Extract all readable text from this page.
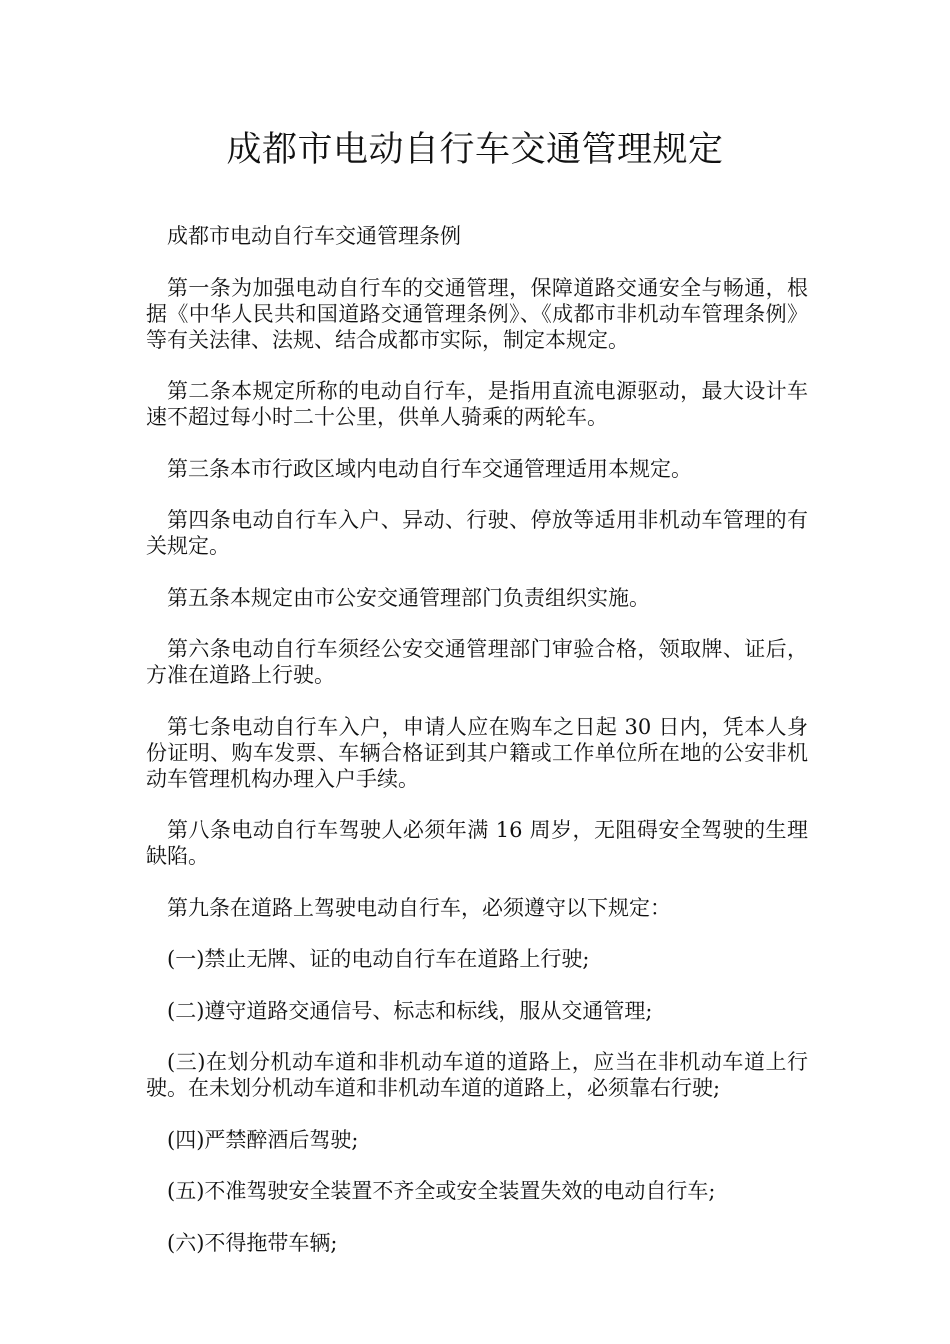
成都市电动自行车交通管理规定

成都市电动自行车交通管理条例

第一条为加强电动自行车的交通管理，保障道路交通安全与畅通，根据《中华人民共和国道路交通管理条例》、《成都市非机动车管理条例》等有关法律、法规、结合成都市实际，制定本规定。

第二条本规定所称的电动自行车，是指用直流电源驱动，最大设计车速不超过每小时二十公里，供单人骑乘的两轮车。

第三条本市行政区域内电动自行车交通管理适用本规定。

第四条电动自行车入户、异动、行驶、停放等适用非机动车管理的有关规定。

第五条本规定由市公安交通管理部门负责组织实施。

第六条电动自行车须经公安交通管理部门审验合格，领取牌、证后，方准在道路上行驶。

第七条电动自行车入户，申请人应在购车之日起 30 日内，凭本人身份证明、购车发票、车辆合格证到其户籍或工作单位所在地的公安非机动车管理机构办理入户手续。

第八条电动自行车驾驶人必须年满 16 周岁，无阻碍安全驾驶的生理缺陷。

第九条在道路上驾驶电动自行车，必须遵守以下规定：

(一)禁止无牌、证的电动自行车在道路上行驶;

(二)遵守道路交通信号、标志和标线，服从交通管理;

(三)在划分机动车道和非机动车道的道路上，应当在非机动车道上行驶。在未划分机动车道和非机动车道的道路上，必须靠右行驶;

(四)严禁醉酒后驾驶;

(五)不准驾驶安全装置不齐全或安全装置失效的电动自行车;

(六)不得拖带车辆;
